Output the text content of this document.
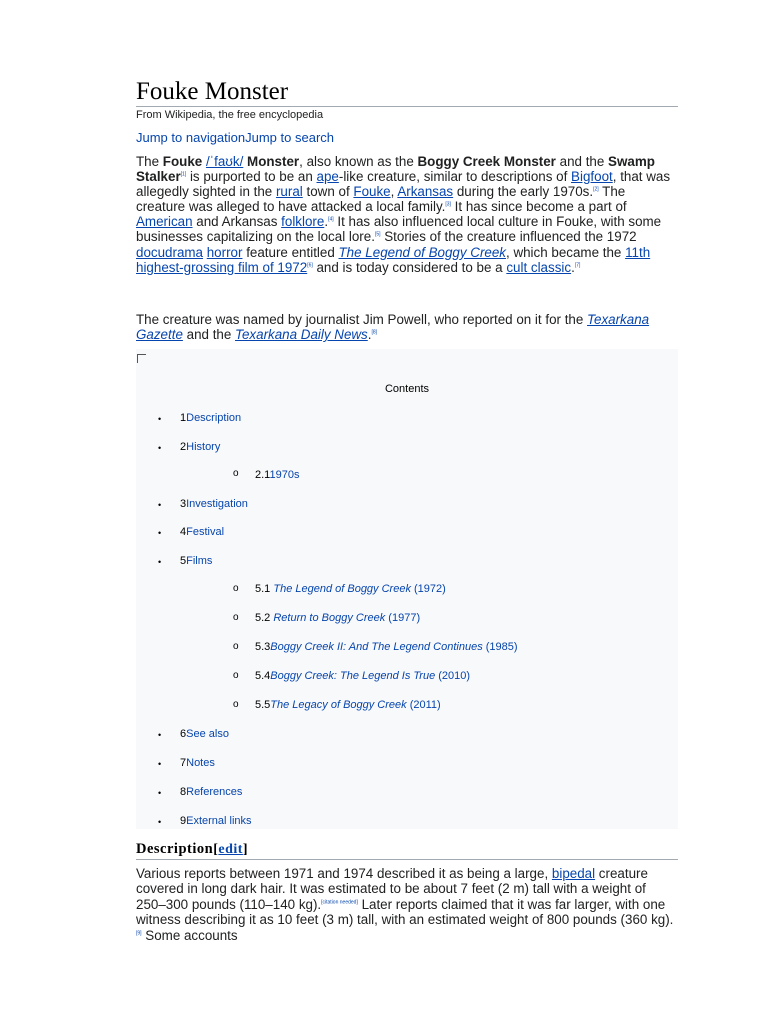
Fouke Monster
From Wikipedia, the free encyclopedia
Jump to navigationJump to search

The Fouke /ˈfaʊk/ Monster, also known as the Boggy Creek Monster and the Swamp Stalker[1] is purported to be an ape-like creature, similar to descriptions of Bigfoot, that was allegedly sighted in the rural town of Fouke, Arkansas during the early 1970s.[2] The creature was alleged to have attacked a local family.[3] It has since become a part of American and Arkansas folklore.[4] It has also influenced local culture in Fouke, with some businesses capitalizing on the local lore.[5] Stories of the creature influenced the 1972 docudrama horror feature entitled The Legend of Boggy Creek, which became the 11th highest-grossing film of 1972[6] and is today considered to be a cult classic.[7]

The creature was named by journalist Jim Powell, who reported on it for the Texarkana Gazette and the Texarkana Daily News.[8]

Contents
• 1Description
• 2History
o 2.11970s
• 3Investigation
• 4Festival
• 5Films
o 5.1 The Legend of Boggy Creek (1972)
o 5.2 Return to Boggy Creek (1977)
o 5.3Boggy Creek II: And The Legend Continues (1985)
o 5.4Boggy Creek: The Legend Is True (2010)
o 5.5The Legacy of Boggy Creek (2011)
• 6See also
• 7Notes
• 8References
• 9External links
Description[edit]

Various reports between 1971 and 1974 described it as being a large, bipedal creature covered in long dark hair. It was estimated to be about 7 feet (2 m) tall with a weight of 250–300 pounds (110–140 kg).[citation needed] Later reports claimed that it was far larger, with one witness describing it as 10 feet (3 m) tall, with an estimated weight of 800 pounds (360 kg).[9] Some accounts
